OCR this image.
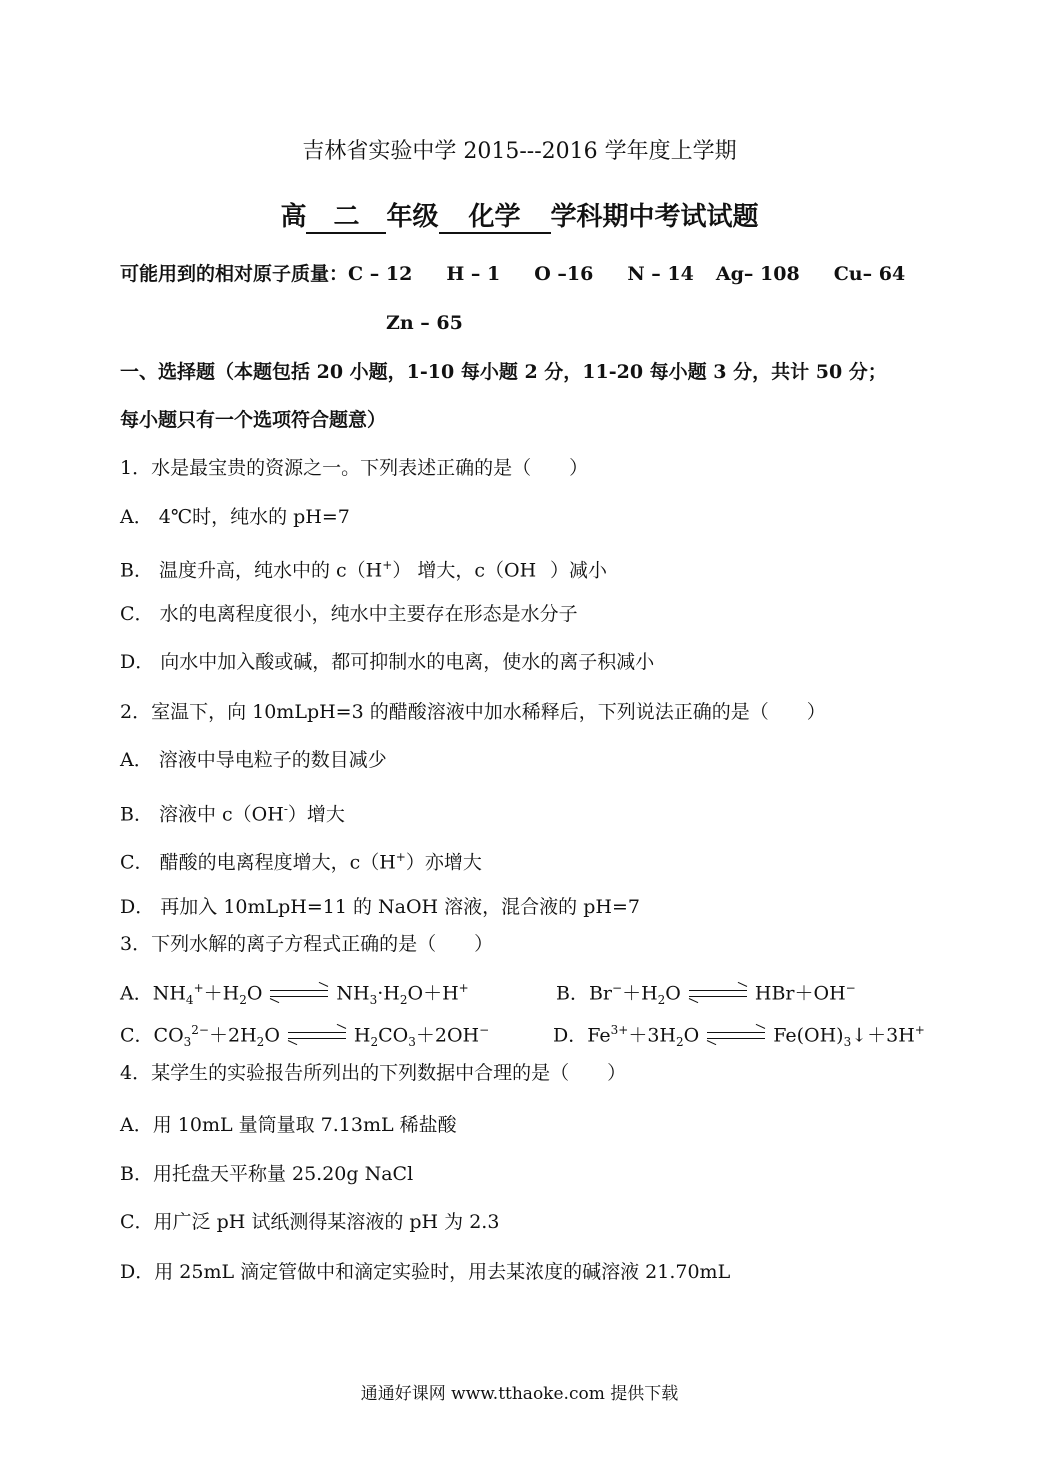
吉林省实验中学 2015---2016 学年度上学期
高 二 年级 化学 学科期中考试试题
可能用到的相对原子质量：C – 12 H – 1 O –16 N – 14 Ag– 108 Cu– 64
Zn – 65
一、选择题（本题包括 20 小题，1-10 每小题 2 分，11-20 每小题 3 分，共计 50 分；
每小题只有一个选项符合题意）
1．水是最宝贵的资源之一。下列表述正确的是（　　）
A． 4℃时，纯水的 pH=7
B． 温度升高，纯水中的 c（H+） 增大，c（OH ）减小
C． 水的电离程度很小，纯水中主要存在形态是水分子
D． 向水中加入酸或碱，都可抑制水的电离，使水的离子积减小
2．室温下，向 10mLpH=3 的醋酸溶液中加水稀释后，下列说法正确的是（　　）
A． 溶液中导电粒子的数目减少
B． 溶液中 c（OH-）增大
C． 醋酸的电离程度增大，c（H+）亦增大
D． 再加入 10mLpH=11 的 NaOH 溶液，混合液的 pH=7
3．下列水解的离子方程式正确的是（　　）
A．$NH_4^++H_2O$	$NH_3\cdot H_2O+H^+$	B．$Br^-+H_2O$	HBr＋OH−
C．$CO_3^{2-}+2H_2O$	$H_2CO_3+2OH^-$	D．$Fe^{3+}+3H_2O$	$Fe(OH)_3↓+3H^+$
4．某学生的实验报告所列出的下列数据中合理的是（　　）
A．用 10mL 量筒量取 7.13mL 稀盐酸
B．用托盘天平称量 25.20g NaCl
C．用广泛 pH 试纸测得某溶液的 pH 为 2.3
D．用 25mL 滴定管做中和滴定实验时，用去某浓度的碱溶液 21.70mL
通通好课网 www.tthaoke.com 提供下载
